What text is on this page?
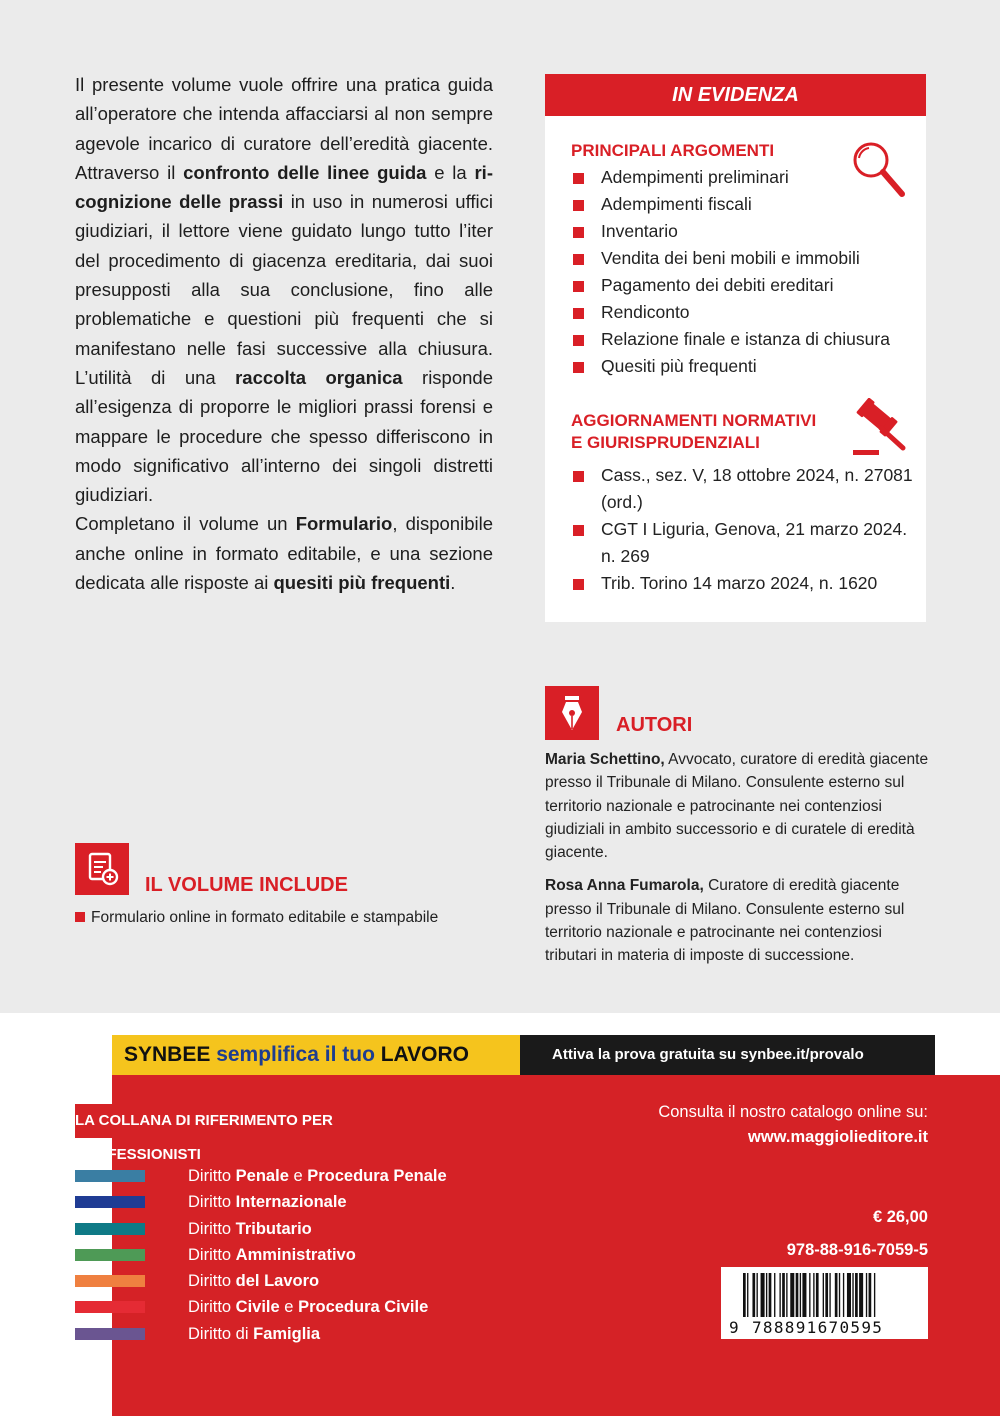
Il presente volume vuole offrire una pratica guida all’operatore che intenda affacciarsi al non sempre agevole incarico di curatore dell’eredità giacente. Attraverso il confronto delle linee guida e la ricognizione delle prassi in uso in numerosi uffici giudiziari, il lettore viene guidato lungo tutto l’iter del procedimento di giacenza ereditaria, dai suoi presupposti alla sua conclusione, fino alle problematiche e questioni più frequenti che si manifestano nelle fasi successive alla chiusura. L’utilità di una raccolta organica risponde all’esigenza di proporre le migliori prassi forensi e mappare le procedure che spesso differiscono in modo significativo all’interno dei singoli distretti giudiziari.

Completano il volume un Formulario, disponibile anche online in formato editabile, e una sezione dedicata alle risposte ai quesiti più frequenti.

IN EVIDENZA
PRINCIPALI ARGOMENTI
Adempimenti preliminari
Adempimenti fiscali
Inventario
Vendita dei beni mobili e immobili
Pagamento dei debiti ereditari
Rendiconto
Relazione finale e istanza di chiusura
Quesiti più frequenti
AGGIORNAMENTI NORMATIVI
E GIURISPRUDENZIALI
Cass., sez. V, 18 ottobre 2024, n. 27081
(ord.)
CGT I Liguria, Genova, 21 marzo 2024.
n. 269
Trib. Torino 14 marzo 2024, n. 1620
AUTORI

Maria Schettino, Avvocato, curatore di eredità giacente presso il Tribunale di Milano. Consulente esterno sul territorio nazionale e patrocinante nei contenziosi giudiziali in ambito successorio e di curatele di eredità giacente.

Rosa Anna Fumarola, Curatore di eredità giacente presso il Tribunale di Milano. Consulente esterno sul territorio nazionale e patrocinante nei contenziosi tributari in materia di imposte di successione.

IL VOLUME INCLUDE
Formulario online in formato editabile e stampabile
SYNBEE semplifica il tuo LAVORO	Attiva la prova gratuita su synbee.it/provalo
LA COLLANA DI RIFERIMENTO PER PROFESSIONISTI
Consulta il nostro catalogo online su:
www.maggiolieditore.it
Diritto Penale e Procedura Penale
Diritto Internazionale
Diritto Tributario
Diritto Amministrativo
Diritto del Lavoro
Diritto Civile e Procedura Civile
Diritto di Famiglia
€ 26,00
978-88-916-7059-5
9 788891670595
